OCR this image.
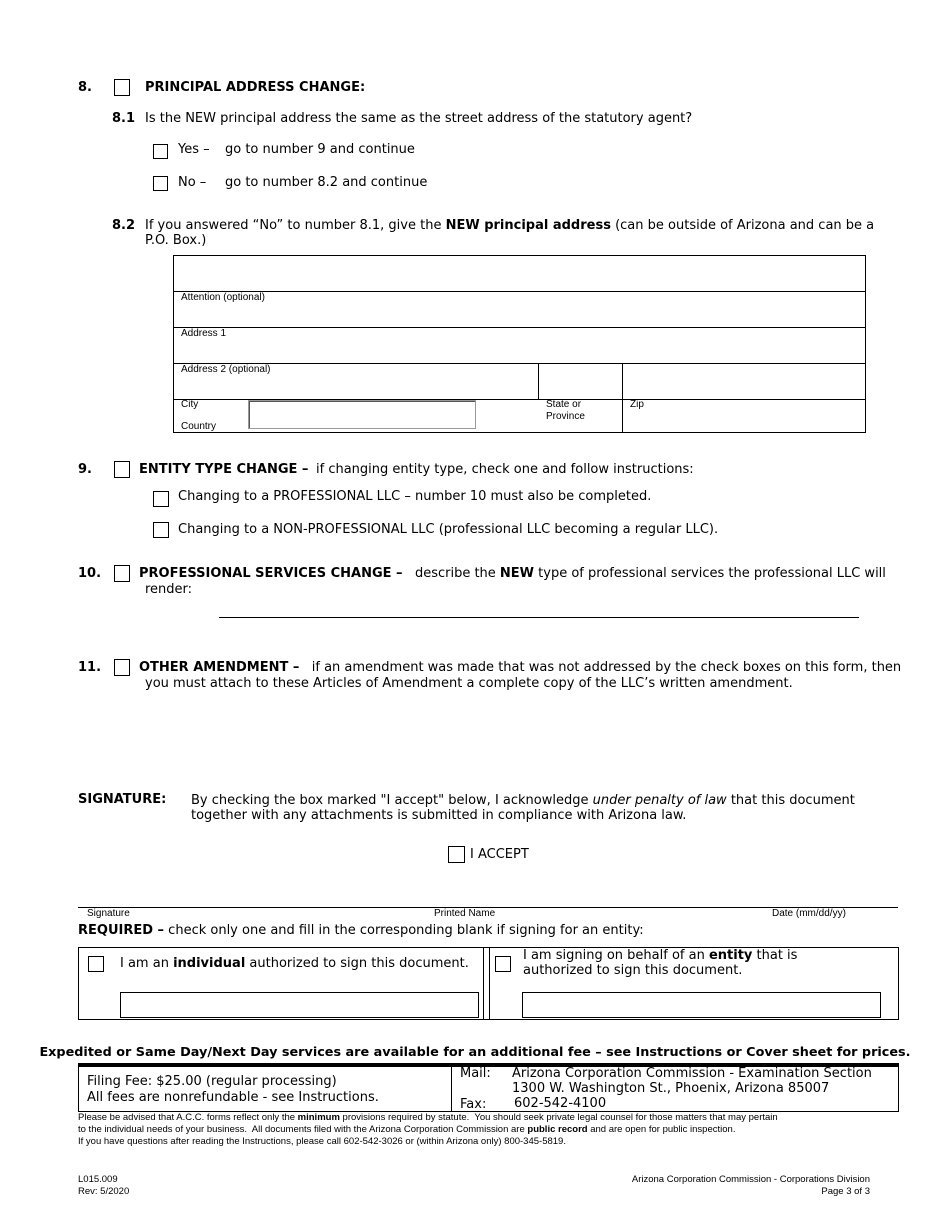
8.	PRINCIPAL ADDRESS CHANGE:
8.1 Is the NEW principal address the same as the street address of the statutory agent?
Yes – go to number 9 and continue
No – go to number 8.2 and continue
8.2 If you answered “No” to number 8.1, give the NEW principal address (can be outside of Arizona and can be a
P.O. Box.)
Attention (optional)
Address 1
Address 2 (optional)
City
Country
State or
Province
Zip
9.	ENTITY TYPE CHANGE – if changing entity type, check one and follow instructions:
Changing to a PROFESSIONAL LLC – number 10 must also be completed.
Changing to a NON-PROFESSIONAL LLC (professional LLC becoming a regular LLC).
10.	PROFESSIONAL SERVICES CHANGE – describe the NEW type of professional services the professional LLC will
render:
11.	OTHER AMENDMENT – if an amendment was made that was not addressed by the check boxes on this form, then
you must attach to these Articles of Amendment a complete copy of the LLC’s written amendment.
SIGNATURE: By checking the box marked "I accept" below, I acknowledge under penalty of law that this document
together with any attachments is submitted in compliance with Arizona law.
I ACCEPT
Signature	Printed Name	Date (mm/dd/yy)
REQUIRED – check only one and fill in the corresponding blank if signing for an entity:
I am an individual authorized to sign this document.
I am signing on behalf of an entity that is
authorized to sign this document.
Expedited or Same Day/Next Day services are available for an additional fee – see Instructions or Cover sheet for prices.
Filing Fee: $25.00 (regular processing)
All fees are nonrefundable - see Instructions.
Mail: Arizona Corporation Commission - Examination Section
1300 W. Washington St., Phoenix, Arizona 85007
Fax: 602-542-4100
Please be advised that A.C.C. forms reflect only the minimum provisions required by statute.  You should seek private legal counsel for those matters that may pertain
to the individual needs of your business.  All documents filed with the Arizona Corporation Commission are public record and are open for public inspection.
If you have questions after reading the Instructions, please call 602-542-3026 or (within Arizona only) 800-345-5819.
L015.009
Rev: 5/2020
Arizona Corporation Commission - Corporations Division
Page 3 of 3
